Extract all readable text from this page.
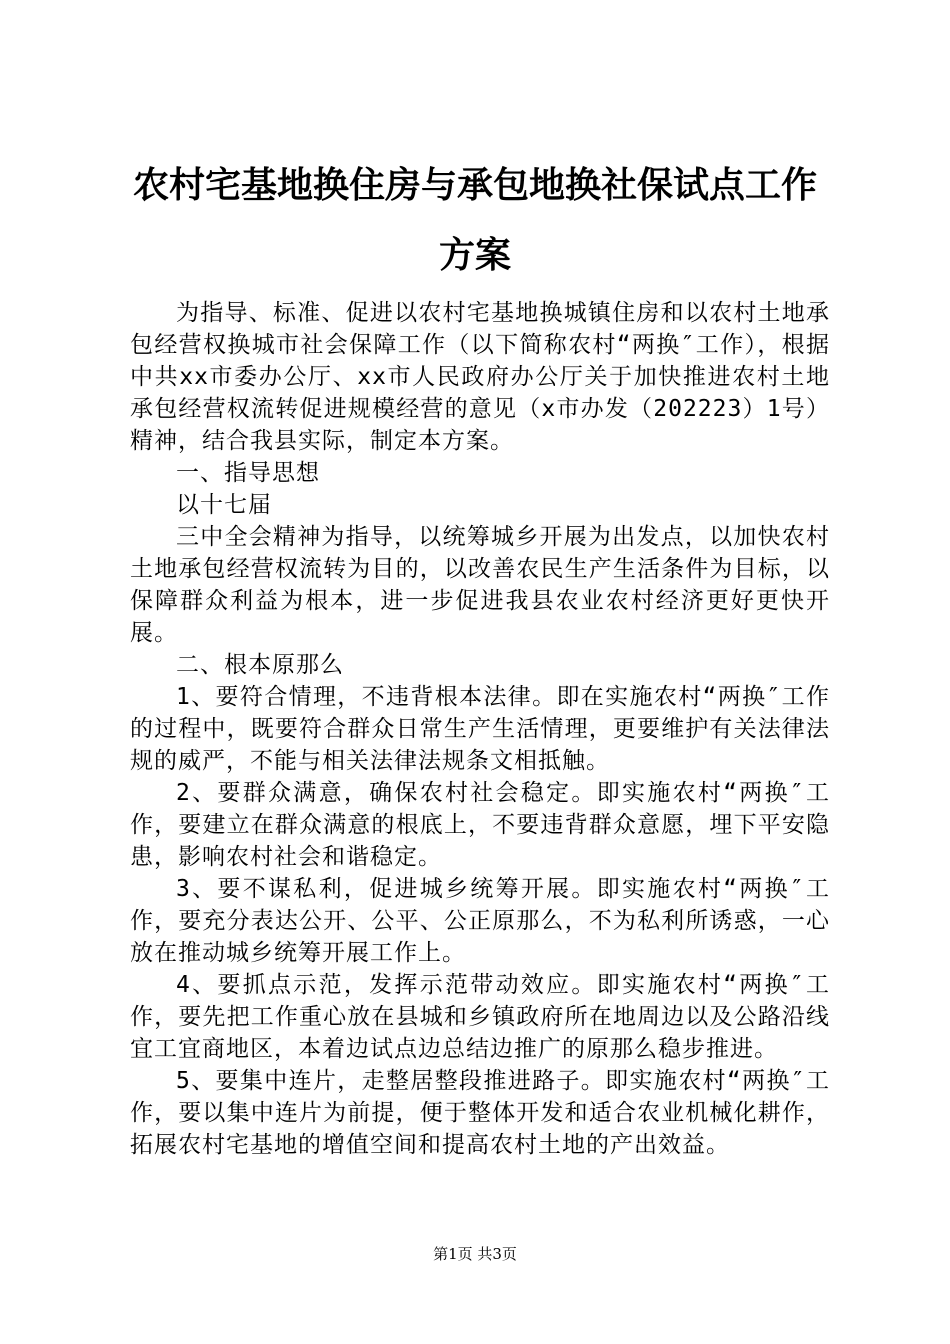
农村宅基地换住房与承包地换社保试点工作方案

为指导、标准、促进以农村宅基地换城镇住房和以农村土地承包经营权换城市社会保障工作（以下简称农村“两换″工作），根据中共xx市委办公厅、xx市人民政府办公厅关于加快推进农村土地承包经营权流转促进规模经营的意见（x市办发（202223）1号）精神，结合我县实际，制定本方案。

一、指导思想

以十七届

三中全会精神为指导，以统筹城乡开展为出发点，以加快农村土地承包经营权流转为目的，以改善农民生产生活条件为目标，以保障群众利益为根本，进一步促进我县农业农村经济更好更快开展。

二、根本原那么

1、要符合情理，不违背根本法律。即在实施农村“两换″工作的过程中，既要符合群众日常生产生活情理，更要维护有关法律法规的威严，不能与相关法律法规条文相抵触。

2、要群众满意，确保农村社会稳定。即实施农村“两换″工作，要建立在群众满意的根底上，不要违背群众意愿，埋下平安隐患，影响农村社会和谐稳定。

3、要不谋私利，促进城乡统筹开展。即实施农村“两换″工作，要充分表达公开、公平、公正原那么，不为私利所诱惑，一心放在推动城乡统筹开展工作上。

4、要抓点示范，发挥示范带动效应。即实施农村“两换″工作，要先把工作重心放在县城和乡镇政府所在地周边以及公路沿线宜工宜商地区，本着边试点边总结边推广的原那么稳步推进。

5、要集中连片，走整居整段推进路子。即实施农村“两换″工作，要以集中连片为前提，便于整体开发和适合农业机械化耕作，拓展农村宅基地的增值空间和提高农村土地的产出效益。

第1页 共3页
